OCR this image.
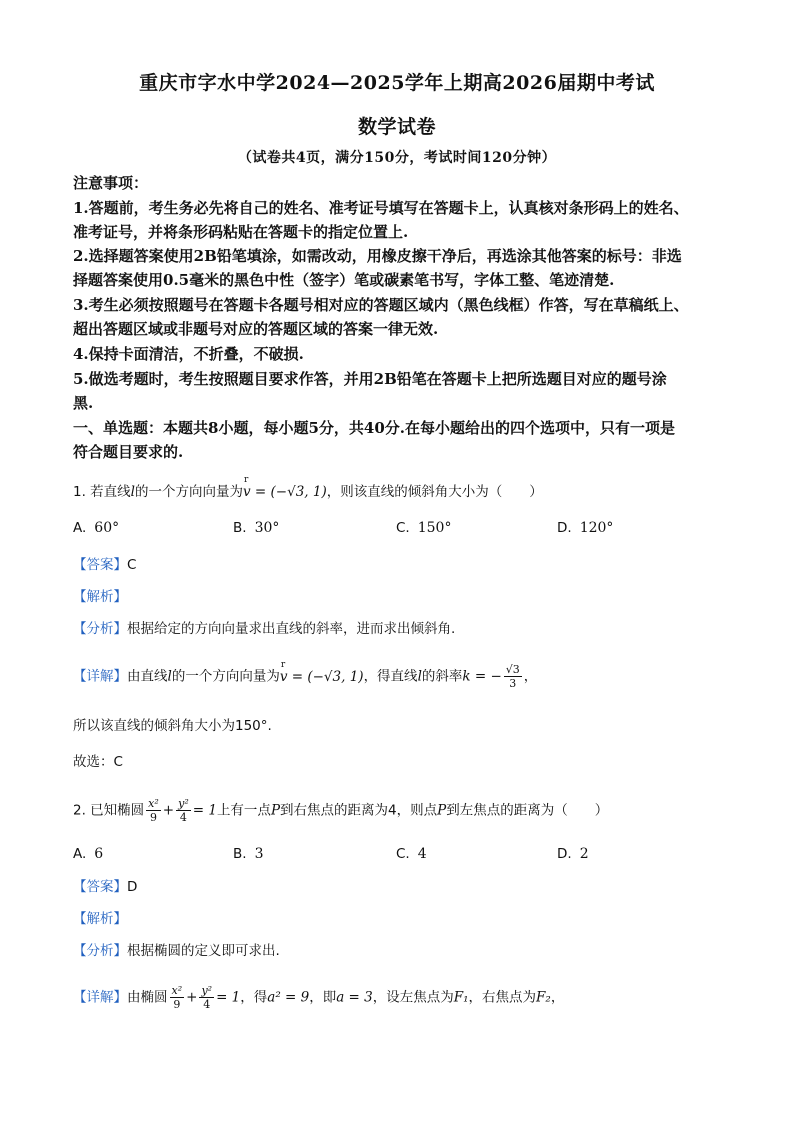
重庆市字水中学2024—2025学年上期高2026届期中考试
数学试卷
（试卷共4页，满分150分，考试时间120分钟）
注意事项：
1.答题前，考生务必先将自己的姓名、准考证号填写在答题卡上，认真核对条形码上的姓名、
准考证号，并将条形码粘贴在答题卡的指定位置上.
2.选择题答案使用2B铅笔填涂，如需改动，用橡皮擦干净后，再选涂其他答案的标号：非选
择题答案使用0.5毫米的黑色中性（签字）笔或碳素笔书写，字体工整、笔迹清楚.
3.考生必须按照题号在答题卡各题号相对应的答题区域内（黑色线框）作答，写在草稿纸上、
超出答题区域或非题号对应的答题区域的答案一律无效.
4.保持卡面清洁，不折叠，不破损.
5.做选考题时，考生按照题目要求作答，并用2B铅笔在答题卡上把所选题目对应的题号涂
黑.
一、单选题：本题共8小题，每小题5分，共40分.在每小题给出的四个选项中，只有一项是
符合题目要求的.
1. 若直线l的一个方向向量为r v = (−√3, 1)，则该直线的倾斜角大小为（　　）
A. 60°	B. 30°	C. 150°	D. 120°
【答案】C
【解析】
【分析】根据给定的方向向量求出直线的斜率，进而求出倾斜角.
【详解】由直线l的一个方向向量为r v = (−√3, 1)，得直线l的斜率k = − $\frac{√3}{3}$ ，
所以该直线的倾斜角大小为150°.
故选：C
2. 已知椭圆 $\frac{\text{x²}}{9} + \frac{\text{y²}}{4} = 1$上有一点P到右焦点的距离为4，则点P到左焦点的距离为（　　）
A. 6	B. 3	C. 4	D. 2
【答案】D
【解析】
【分析】根据椭圆的定义即可求出.
【详解】由椭圆 $\frac{\text{x²}}{9} + \frac{\text{y²}}{4} = 1$，得a² = 9，即a = 3，设左焦点为F₁，右焦点为F₂，
